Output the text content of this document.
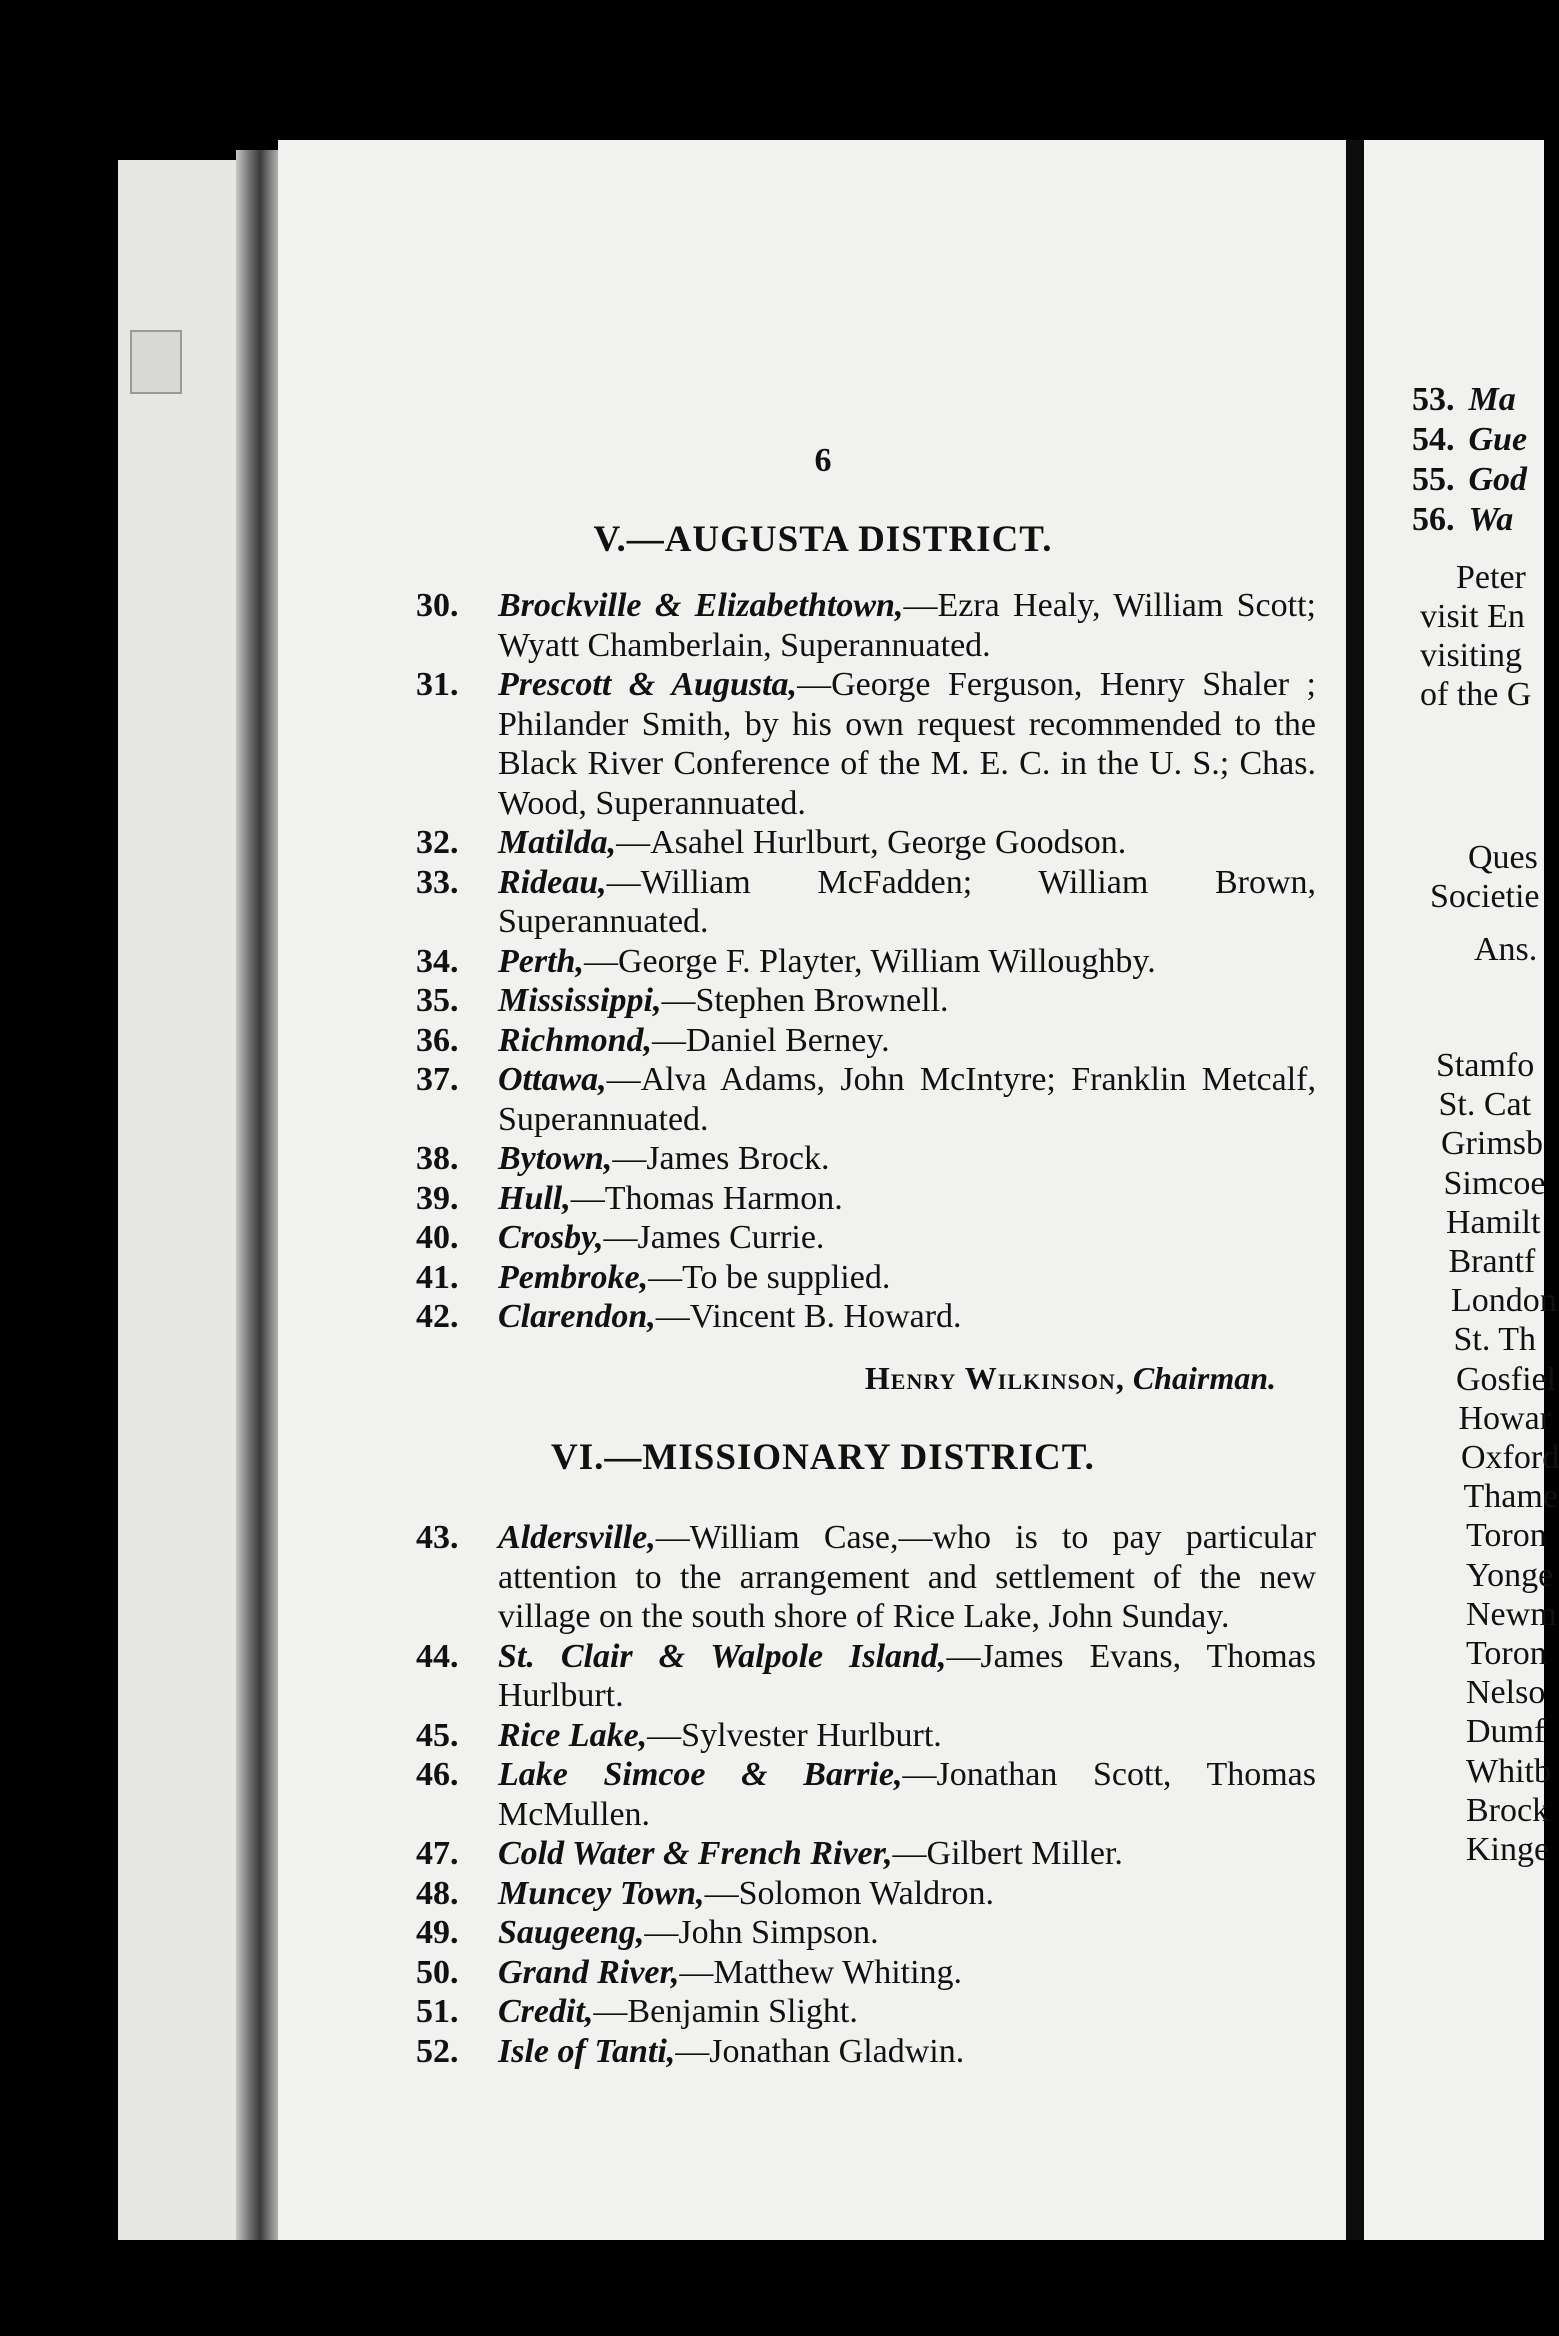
6
V.—AUGUSTA DISTRICT.

30. Brockville & Elizabethtown,—Ezra Healy, William Scott; Wyatt Chamberlain, Superannuated.

31. Prescott & Augusta,—George Ferguson, Henry Shaler ; Philander Smith, by his own request recommended to the Black River Conference of the M. E. C. in the U. S.; Chas. Wood, Superannuated.

32. Matilda,—Asahel Hurlburt, George Goodson.

33. Rideau,—William McFadden; William Brown, Superannuated.

34. Perth,—George F. Playter, William Willoughby.

35. Mississippi,—Stephen Brownell.

36. Richmond,—Daniel Berney.

37. Ottawa,—Alva Adams, John McIntyre; Franklin Metcalf, Superannuated.

38. Bytown,—James Brock.

39. Hull,—Thomas Harmon.

40. Crosby,—James Currie.

41. Pembroke,—To be supplied.

42. Clarendon,—Vincent B. Howard.

Henry Wilkinson, Chairman.
VI.—MISSIONARY DISTRICT.

43. Aldersville,—William Case,—who is to pay particular attention to the arrangement and settlement of the new village on the south shore of Rice Lake, John Sunday.

44. St. Clair & Walpole Island,—James Evans, Thomas Hurlburt.

45. Rice Lake,—Sylvester Hurlburt.

46. Lake Simcoe & Barrie,—Jonathan Scott, Thomas McMullen.

47. Cold Water & French River,—Gilbert Miller.

48. Muncey Town,—Solomon Waldron.

49. Saugeeng,—John Simpson.

50. Grand River,—Matthew Whiting.

51. Credit,—Benjamin Slight.

52. Isle of Tanti,—Jonathan Gladwin.

53. Ma
54. Gue
55. God
56. Wa
Peter
visit En
visiting
of the G
Ques
Societie
Ans.
Stamfo
St. Cat
Grimsb
Simcoe
Hamilt
Brantf
London
St. Th
Gosfiel
Howar
Oxford
Thame
Toron
Yonge
Newm
Toron
Nelso
Dumf
Whitb
Brock
Kinge
